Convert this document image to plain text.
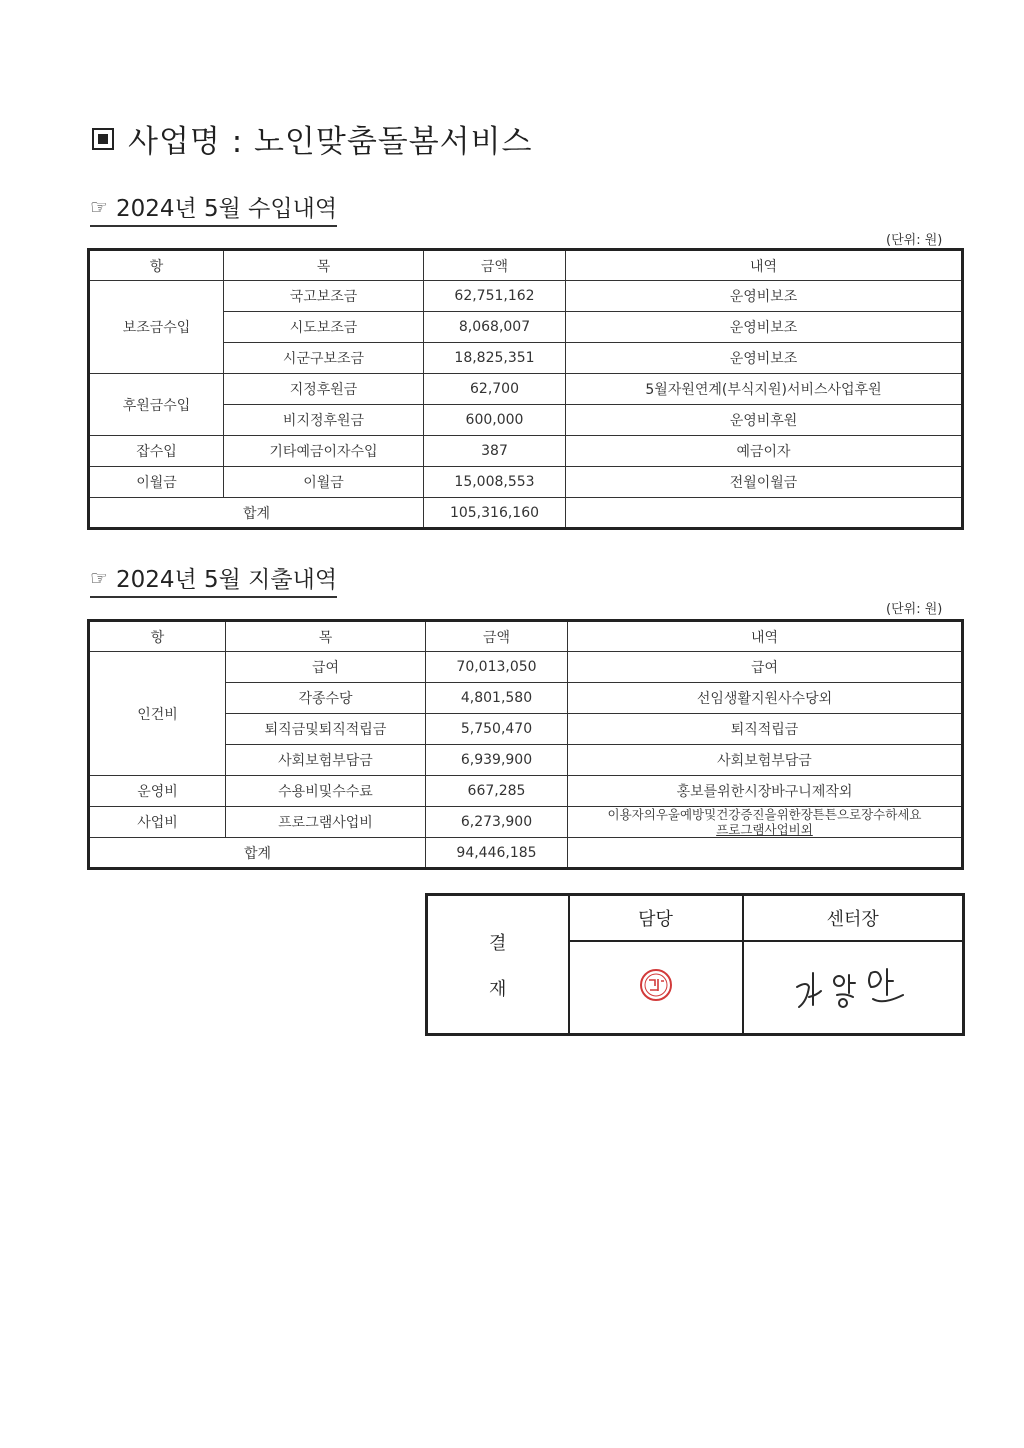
사업명 : 노인맞춤돌봄서비스
☞ 2024년 5월 수입내역
(단위: 원)
항	목	금액	내역
보조금수입	국고보조금	62,751,162	운영비보조
	시도보조금	8,068,007	운영비보조
	시군구보조금	18,825,351	운영비보조
후원금수입	지정후원금	62,700	5월자원연계(부식지원)서비스사업후원
	비지정후원금	600,000	운영비후원
잡수입	기타예금이자수입	387	예금이자
이월금	이월금	15,008,553	전월이월금
합계		105,316,160	
☞ 2024년 5월 지출내역
(단위: 원)
항	목	금액	내역
인건비	급여	70,013,050	급여
	각종수당	4,801,580	선임생활지원사수당외
	퇴직금및퇴직적립금	5,750,470	퇴직적립금
	사회보험부담금	6,939,900	사회보험부담금
운영비	수용비및수수료	667,285	홍보를위한시장바구니제작외
사업비	프로그램사업비	6,273,900	이용자의우울예방및건강증진을위한장튼튼으로장수하세요
프로그램사업비외

합계		94,446,185	
결
재	담당	센터장
